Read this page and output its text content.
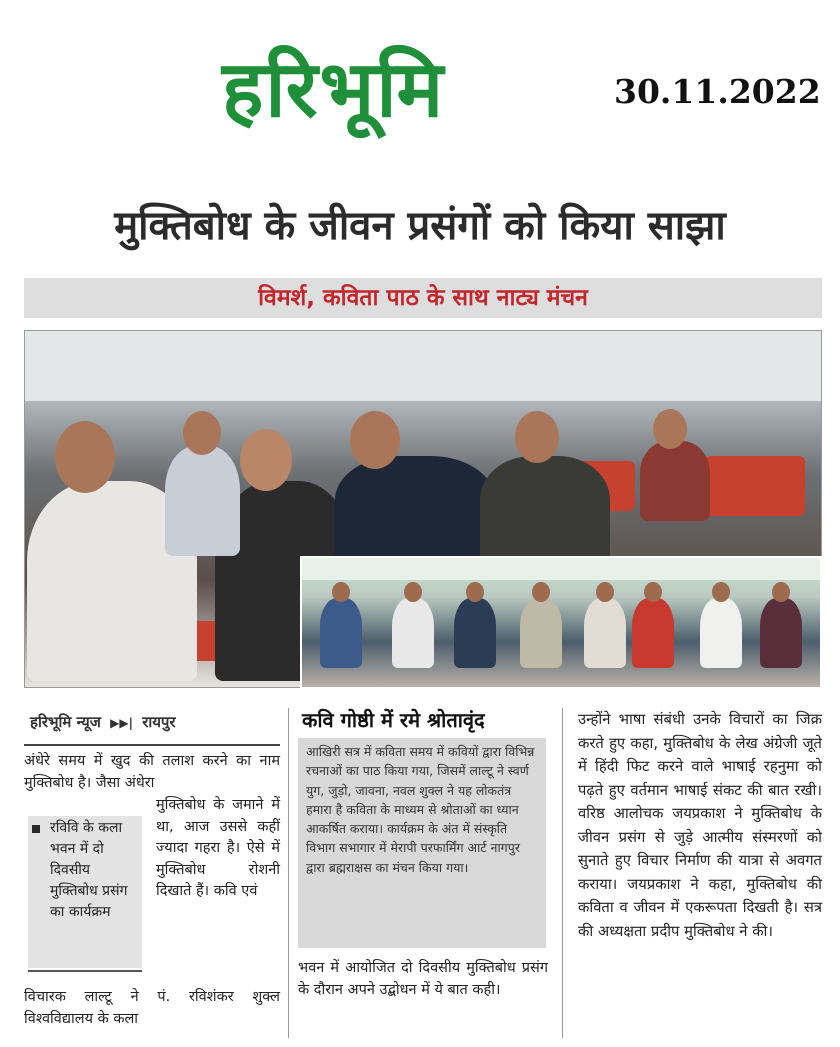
हरिभूमि	30.11.2022
मुक्तिबोध के जीवन प्रसंगों को किया साझा
विमर्श, कविता पाठ के साथ नाट्य मंचन
हरिभूमि न्यूज ▶▶| रायपुर

अंधेरे समय में खुद की तलाश करने का नाम मुक्तिबोध है। जैसा अंधेरा

मुक्तिबोध के जमाने में था, आज उससे कहीं ज्यादा गहरा है। ऐसे में मुक्तिबोध रोशनी दिखाते हैं। कवि एवं

रविवि के कला भवन में दो दिवसीय मुक्तिबोध प्रसंग का कार्यक्रम

विचारक लाल्टू ने पं. रविशंकर शुक्ल विश्वविद्यालय के कला

कवि गोष्ठी में रमे श्रोतावृंद
आखिरी सत्र में कविता समय में कवियों द्वारा विभिन्न रचनाओं का पाठ किया गया, जिसमें लाल्टू ने स्वर्ण युग, जुड़ो, जावना, नवल शुक्ल ने यह लोकतंत्र हमारा है कविता के माध्यम से श्रोताओं का ध्यान आकर्षित कराया। कार्यक्रम के अंत में संस्कृति विभाग सभागार में मेरापी परफार्मिंग आर्ट नागपुर द्वारा ब्रह्मराक्षस का मंचन किया गया।

भवन में आयोजित दो दिवसीय मुक्तिबोध प्रसंग के दौरान अपने उद्बोधन में ये बात कही।

उन्होंने भाषा संबंधी उनके विचारों का जिक्र करते हुए कहा, मुक्तिबोध के लेख अंग्रेजी जूते में हिंदी फिट करने वाले भाषाई रहनुमा को पढ़ते हुए वर्तमान भाषाई संकट की बात रखी। वरिष्ठ आलोचक जयप्रकाश ने मुक्तिबोध के जीवन प्रसंग से जुड़े आत्मीय संस्मरणों को सुनाते हुए विचार निर्माण की यात्रा से अवगत कराया। जयप्रकाश ने कहा, मुक्तिबोध की कविता व जीवन में एकरूपता दिखती है। सत्र की अध्यक्षता प्रदीप मुक्तिबोध ने की।
